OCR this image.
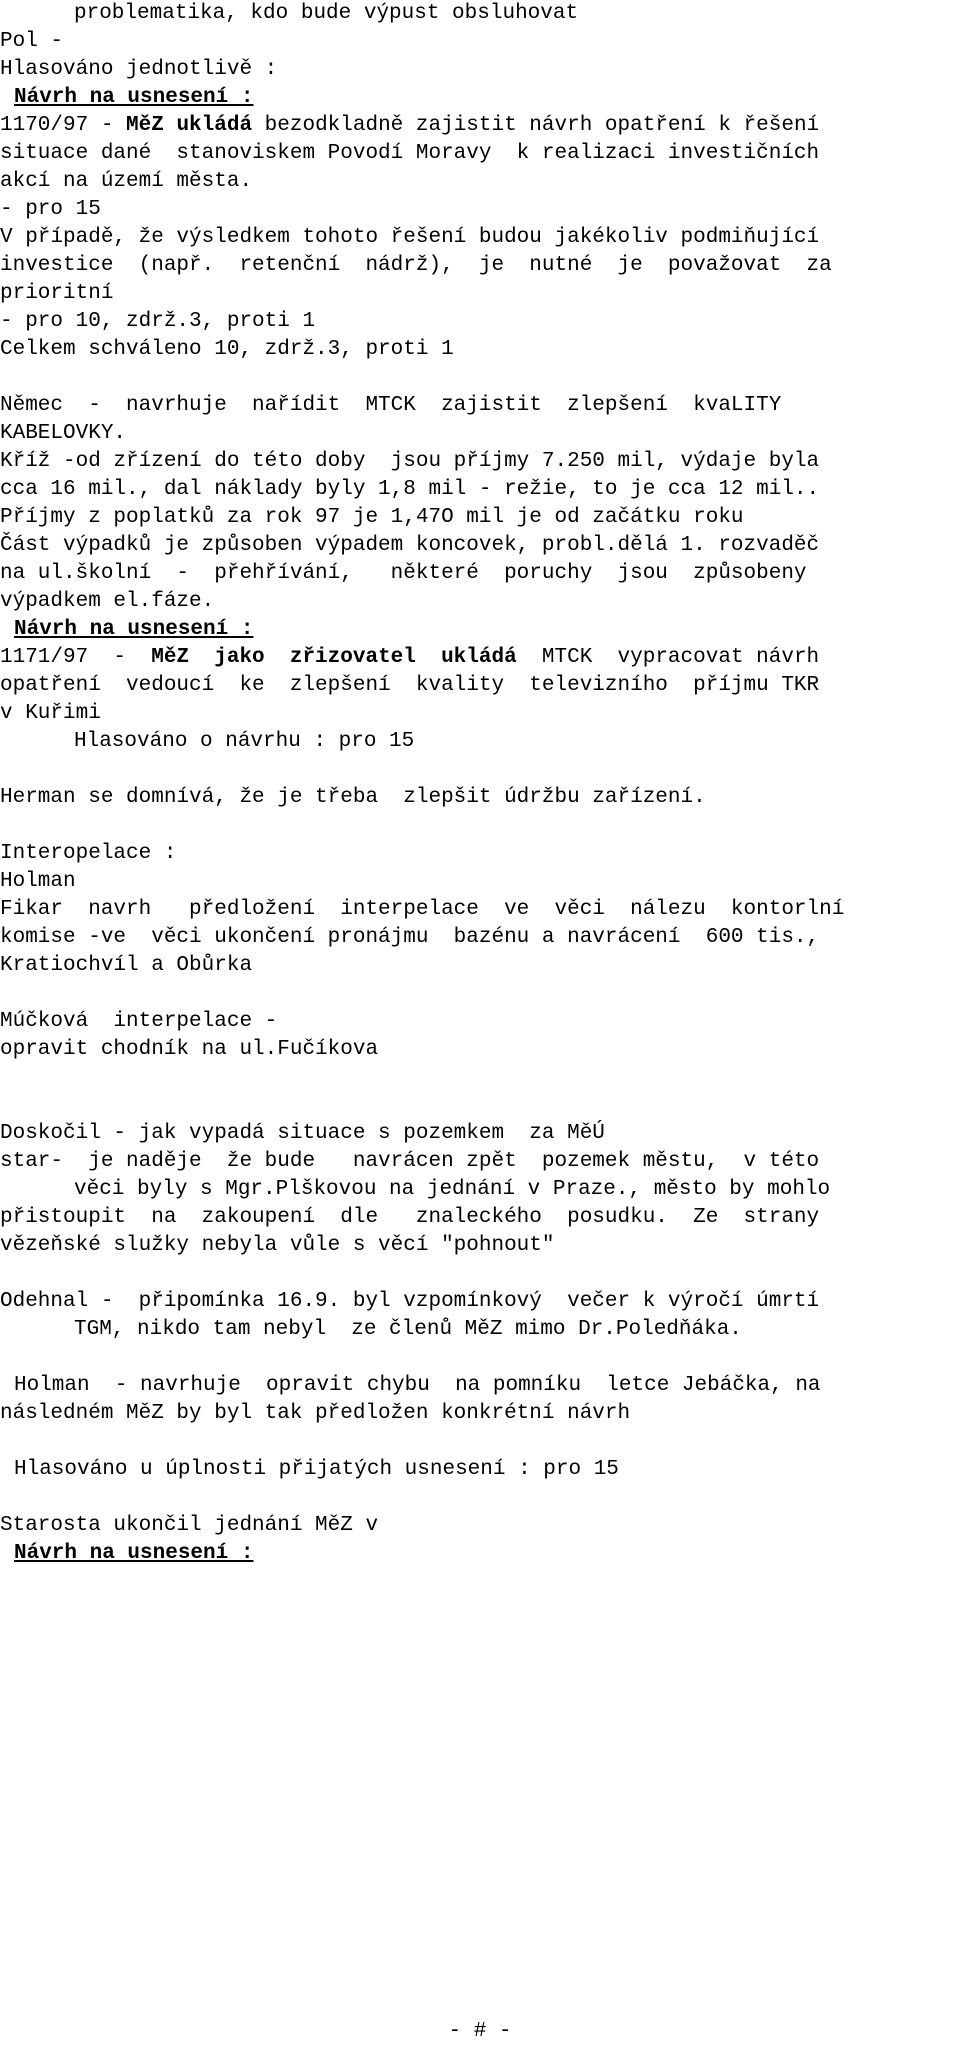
problematika, kdo bude výpust obsluhovat
Pol -
Hlasováno jednotlivě :
Návrh na usnesení :
1170/97 - MěZ ukládá bezodkladně zajistit návrh opatření k řešení
situace dané  stanoviskem Povodí Moravy  k realizaci investičních
akcí na území města.
- pro 15
V případě, že výsledkem tohoto řešení budou jakékoliv podmiňující
investice  (např.  retenční  nádrž),  je  nutné  je  považovat  za
prioritní
- pro 10, zdrž.3, proti 1
Celkem schváleno 10, zdrž.3, proti 1
Němec  -  navrhuje  nařídit  MTCK  zajistit  zlepšení  kvaLITY
KABELOVKY.
Kříž -od zřízení do této doby  jsou příjmy 7.250 mil, výdaje byla
cca 16 mil., dal náklady byly 1,8 mil - režie, to je cca 12 mil..
Příjmy z poplatků za rok 97 je 1,47O mil je od začátku roku
Část výpadků je způsoben výpadem koncovek, probl.dělá 1. rozvaděč
na ul.školní  -  přehřívání,   některé  poruchy  jsou  způsobeny
výpadkem el.fáze.
Návrh na usnesení :
1171/97  -  MěZ  jako  zřizovatel  ukládá  MTCK  vypracovat návrh
opatření  vedoucí  ke  zlepšení  kvality  televizního  příjmu TKR
v Kuřimi
Hlasováno o návrhu : pro 15
Herman se domnívá, že je třeba  zlepšit údržbu zařízení.
Interopelace :
Holman
Fikar  navrh   předložení  interpelace  ve  věci  nálezu  kontorlní
komise -ve  věci ukončení pronájmu  bazénu a navrácení  600 tis.,
Kratiochvíl a Obůrka
Múčková  interpelace -
opravit chodník na ul.Fučíkova
Doskočil - jak vypadá situace s pozemkem  za MěÚ
star-  je naděje  že bude   navrácen zpět  pozemek městu,  v této
věci byly s Mgr.Plškovou na jednání v Praze., město by mohlo
přistoupit  na  zakoupení  dle   znaleckého  posudku.  Ze  strany
vězeňské služky nebyla vůle s věcí "pohnout"
Odehnal -  připomínka 16.9. byl vzpomínkový  večer k výročí úmrtí
TGM, nikdo tam nebyl  ze členů MěZ mimo Dr.Poledňáka.
Holman  - navrhuje  opravit chybu  na pomníku  letce Jebáčka, na
následném MěZ by byl tak předložen konkrétní návrh
Hlasováno u úplnosti přijatých usnesení : pro 15
Starosta ukončil jednání MěZ v
Návrh na usnesení :
- # -
